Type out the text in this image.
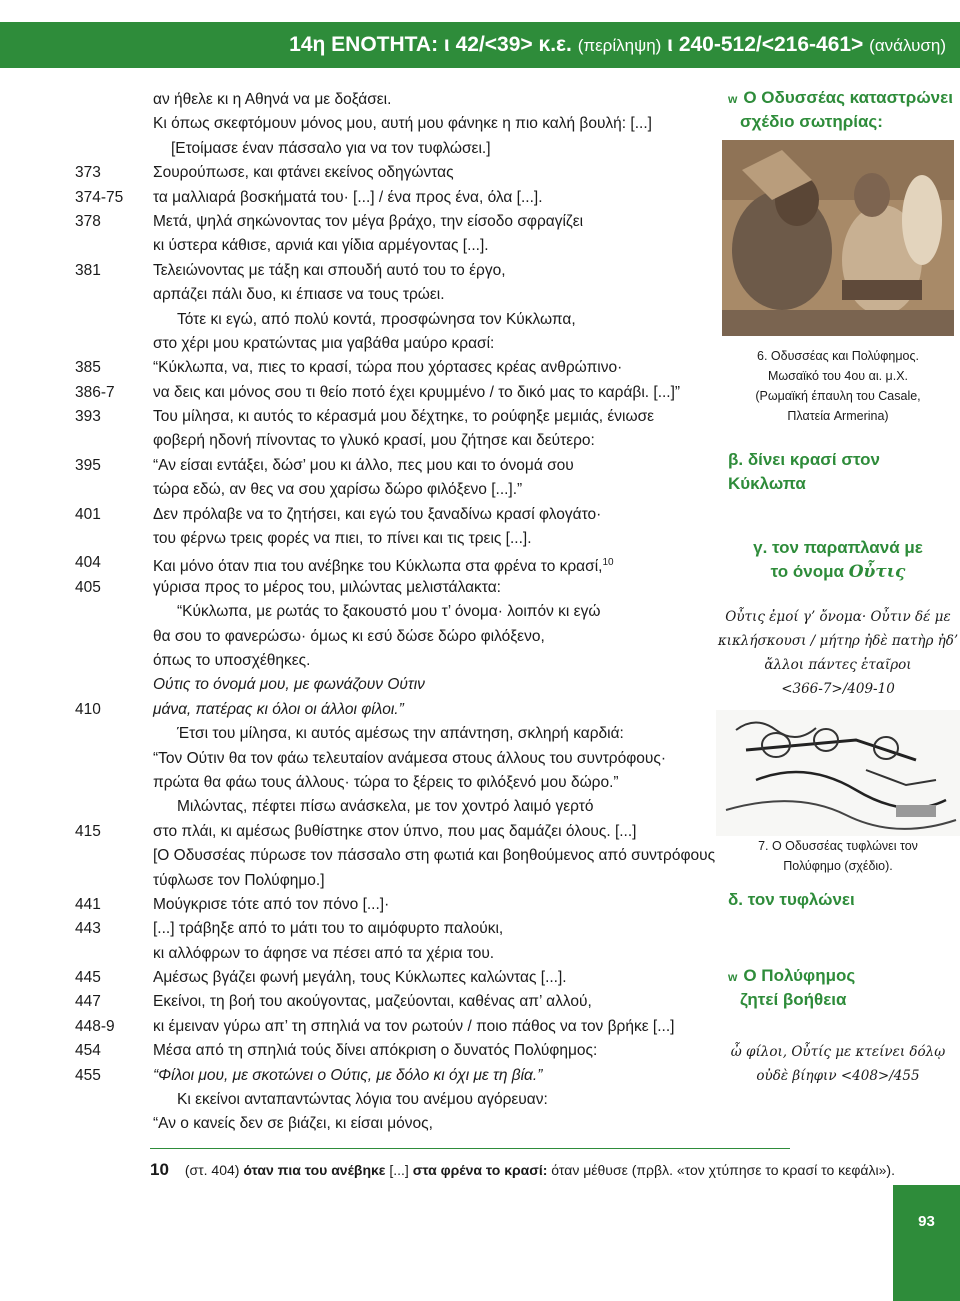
14η ΕΝΟΤΗΤΑ: ι 42/<39> κ.ε. (περίληψη) ι 240-512/<216-461> (ανάλυση)
αν ήθελε κι η Αθηνά να με δοξάσει.
Κι όπως σκεφτόμουν μόνος μου, αυτή μου φάνηκε η πιο καλή βουλή: [...]
[Ετοίμασε έναν πάσσαλο για να τον τυφλώσει.]
373	Σουρούπωσε, και φτάνει εκείνος οδηγώντας
374-75	τα μαλλιαρά βοσκήματά του· [...] / ένα προς ένα, όλα [...].
378	Μετά, ψηλά σηκώνοντας τον μέγα βράχο, την είσοδο σφραγίζει
κι ύστερα κάθισε, αρνιά και γίδια αρμέγοντας [...].
381	Τελειώνοντας με τάξη και σπουδή αυτό του το έργο,
αρπάζει πάλι δυο, κι έπιασε να τους τρώει.
Τότε κι εγώ, από πολύ κοντά, προσφώνησα τον Κύκλωπα,
στο χέρι μου κρατώντας μια γαβάθα μαύρο κρασί:
385	“Κύκλωπα, να, πιες το κρασί, τώρα που χόρτασες κρέας ανθρώπινο·
386-7	να δεις και μόνος σου τι θείο ποτό έχει κρυμμένο / το δικό μας το καράβι. [...]”
393	Του μίλησα, κι αυτός το κέρασμά μου δέχτηκε, το ρούφηξε μεμιάς, ένιωσε
φοβερή ηδονή πίνοντας το γλυκό κρασί, μου ζήτησε και δεύτερο:
395	“Αν είσαι εντάξει, δώσ’ μου κι άλλο, πες μου και το όνομά σου
τώρα εδώ, αν θες να σου χαρίσω δώρο φιλόξενο [...].”
401	Δεν πρόλαβε να το ζητήσει, και εγώ του ξαναδίνω κρασί φλογάτο·
του φέρνω τρεις φορές να πιει, το πίνει και τις τρεις [...].
404	Και μόνο όταν πια του ανέβηκε του Κύκλωπα στα φρένα το κρασί,$^{10}$
405	γύρισα προς το μέρος του, μιλώντας μελιστάλακτα:
“Κύκλωπα, με ρωτάς το ξακουστό μου τ’ όνομα· λοιπόν κι εγώ
θα σου το φανερώσω· όμως κι εσύ δώσε δώρο φιλόξενο,
όπως το υποσχέθηκες.
Ούτις το όνομά μου, με φωνάζουν Ούτιν
410	μάνα, πατέρας κι όλοι οι άλλοι φίλοι.”
Έτσι του μίλησα, κι αυτός αμέσως την απάντηση, σκληρή καρδιά:
“Τον Ούτιν θα τον φάω τελευταίον ανάμεσα στους άλλους του συντρόφους·
πρώτα θα φάω τους άλλους· τώρα το ξέρεις το φιλόξενό μου δώρο.”
Μιλώντας, πέφτει πίσω ανάσκελα, με τον χοντρό λαιμό γερτό
415	στο πλάι, κι αμέσως βυθίστηκε στον ύπνο, που μας δαμάζει όλους. [...]
[Ο Οδυσσέας πύρωσε τον πάσσαλο στη φωτιά και βοηθούμενος από συντρόφους
τύφλωσε τον Πολύφημο.]
441	Μούγκρισε τότε από τον πόνο [...]·
443	[...] τράβηξε από το μάτι του το αιμόφυρτο παλούκι,
κι αλλόφρων το άφησε να πέσει από τα χέρια του.
445	Αμέσως βγάζει φωνή μεγάλη, τους Κύκλωπες καλώντας [...].
447	Εκείνοι, τη βοή του ακούγοντας, μαζεύονται, καθένας απ’ αλλού,
448-9	κι έμειναν γύρω απ’ τη σπηλιά να τον ρωτούν / ποιο πάθος να τον βρήκε [...]
454	Μέσα από τη σπηλιά τούς δίνει απόκριση ο δυνατός Πολύφημος:
455	“Φίλοι μου, με σκοτώνει ο Ούτις, με δόλο κι όχι με τη βία.”
Κι εκείνοι ανταπαντώντας λόγια του ανέμου αγόρευαν:
“Αν ο κανείς δεν σε βιάζει, κι είσαι μόνος,
w Ο Οδυσσέας καταστρώνει
σχέδιο σωτηρίας:
6. Οδυσσέας και Πολύφημος.
Μωσαϊκό του 4ου αι. μ.Χ.
(Ρωμαϊκή έπαυλη του Casale,
Πλατεία Armerina)
β. δίνει κρασί στον Κύκλωπα
γ. τον παραπλανά με
το όνομα Οὖτις
Οὖτις ἐμοί γ’ ὄνομα· Οὖτιν δέ με
κικλήσκουσι / μήτηρ ἠδὲ πατὴρ ἠδ’
ἄλλοι πάντες ἑταῖροι
<366-7>/409-10
7. Ο Οδυσσέας τυφλώνει τον
Πολύφημο (σχέδιο).
δ. τον τυφλώνει
w Ο Πολύφημος
ζητεί βοήθεια
ὦ φίλοι, Οὖτίς με κτείνει δόλῳ
οὐδὲ βίηφιν <408>/455
10 (στ. 404) όταν πια του ανέβηκε [...] στα φρένα το κρασί: όταν μέθυσε (πρβλ. «τον χτύπησε το κρασί το κεφάλι»).
93
